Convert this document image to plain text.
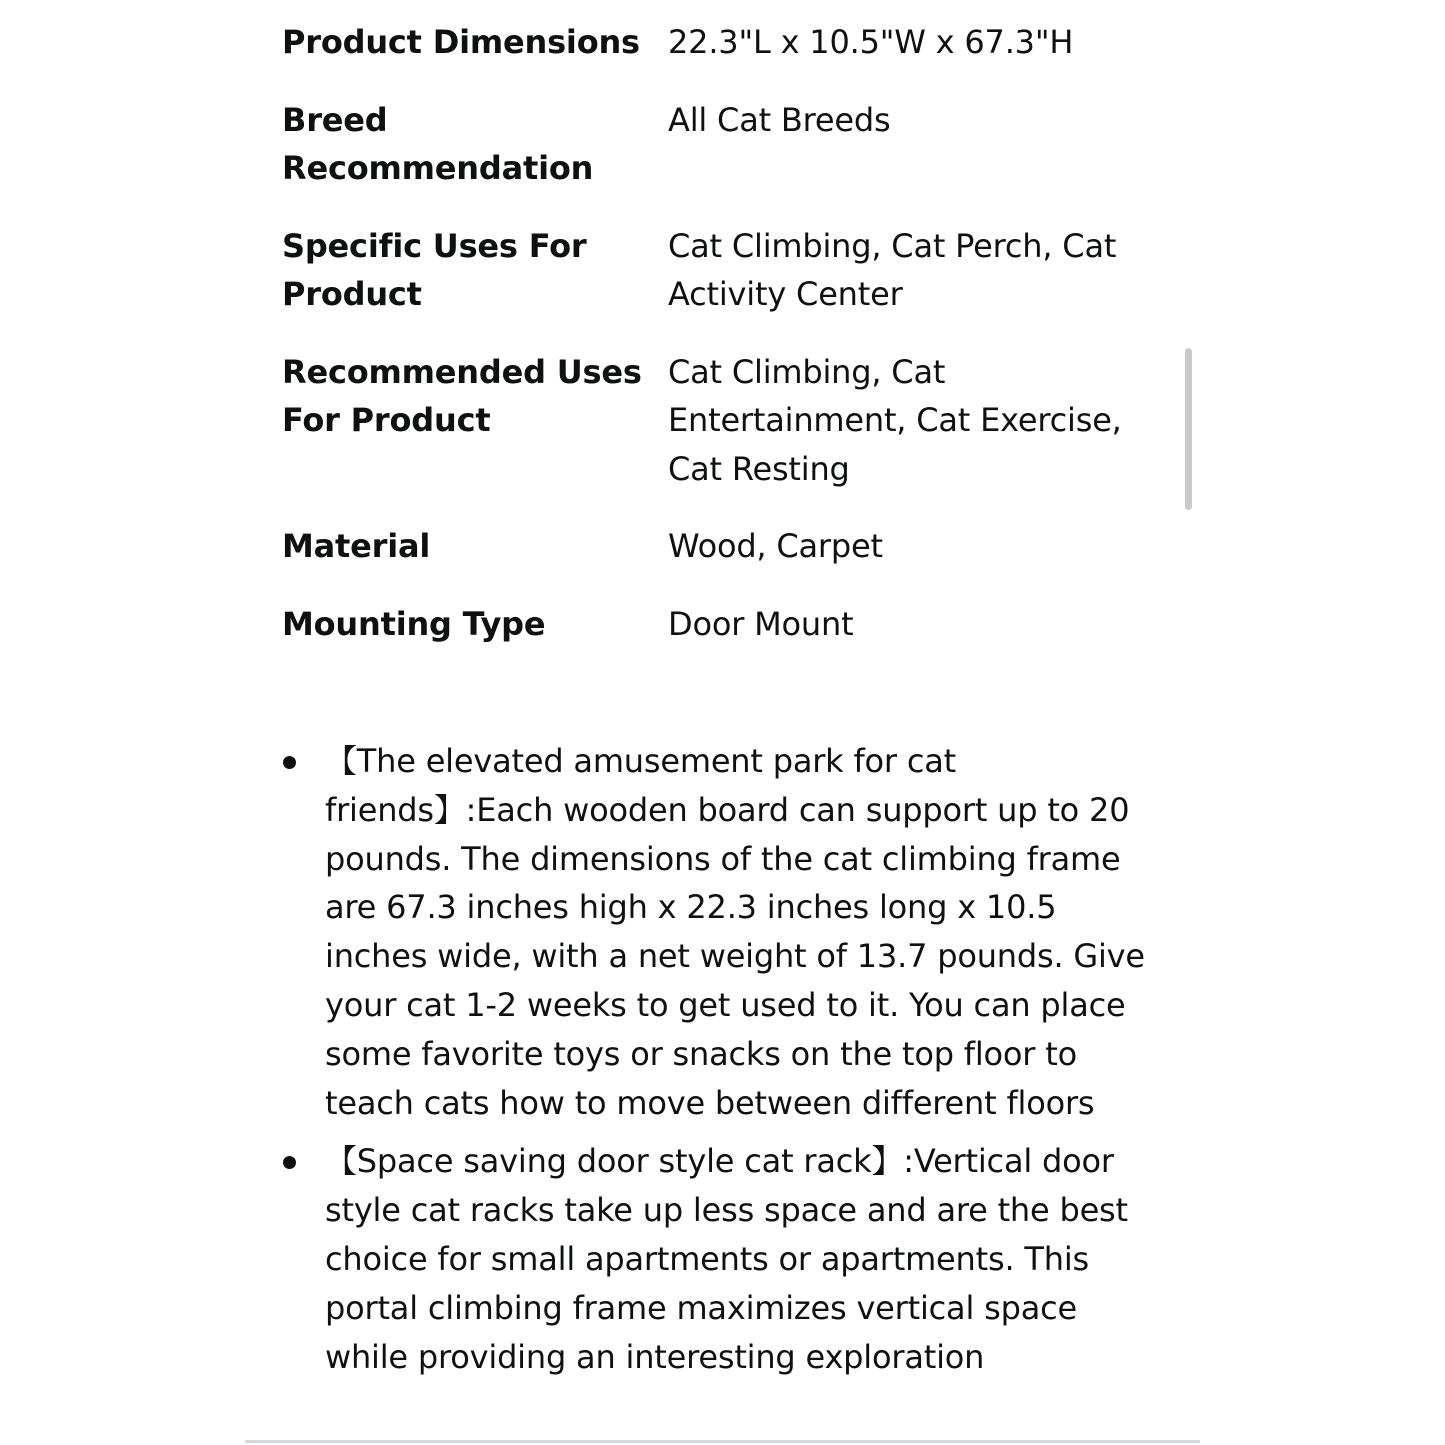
Product Dimensions 22.3"L x 10.5"W x 67.3"H
Breed Recommendation
All Cat Breeds
Specific Uses For Product
Cat Climbing, Cat Perch, Cat Activity Center
Recommended Uses For Product
Cat Climbing, Cat Entertainment, Cat Exercise, Cat Resting
Material	Wood, Carpet
Mounting Type	Door Mount
【The elevated amusement park for cat friends】:Each wooden board can support up to 20 pounds. The dimensions of the cat climbing frame are 67.3 inches high x 22.3 inches long x 10.5 inches wide, with a net weight of 13.7 pounds. Give your cat 1-2 weeks to get used to it. You can place some favorite toys or snacks on the top floor to teach cats how to move between different floors
【Space saving door style cat rack】:Vertical door style cat racks take up less space and are the best choice for small apartments or apartments. This portal climbing frame maximizes vertical space while providing an interesting exploration
